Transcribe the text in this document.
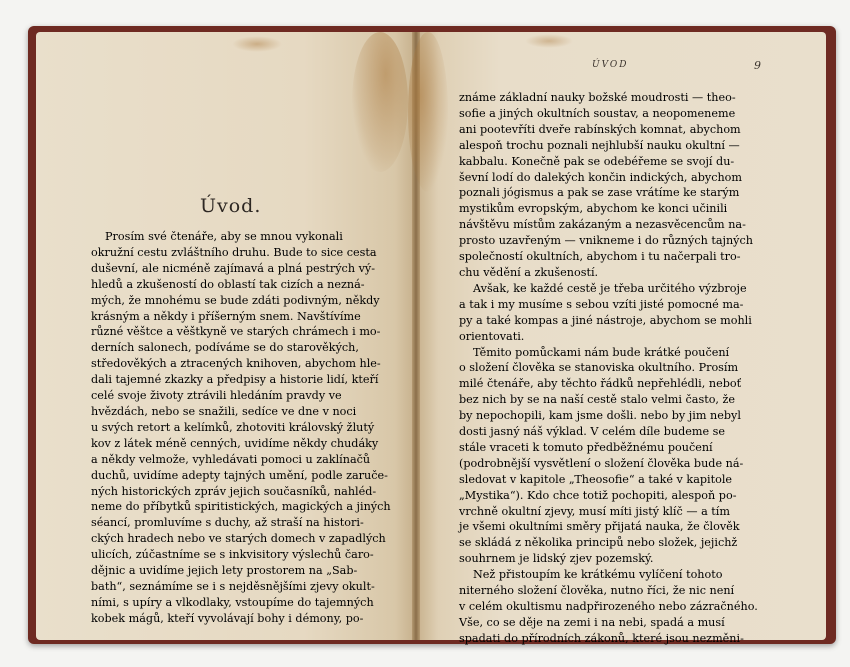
Úvod.
ÚVOD	9
Prosím své čtenáře, aby se mnou vykonali
okružní cestu zvláštního druhu. Bude to sice cesta
duševní, ale nicméně zajímavá a plná pestrých vý-
hledů a zkušeností do oblastí tak cizích a nezná-
mých, že mnohému se bude zdáti podivným, někdy
krásným a někdy i příšerným snem. Navštívíme
různé věštce a věštkyně ve starých chrámech i mo-
derních salonech, podíváme se do starověkých,
středověkých a ztracených knihoven, abychom hle-
dali tajemné zkazky a předpisy a historie lidí, kteří
celé svoje životy ztrávili hledáním pravdy ve
hvězdách, nebo se snažili, sedíce ve dne v noci
u svých retort a kelímků, zhotoviti královský žlutý
kov z látek méně cenných, uvidíme někdy chudáky
a někdy velmože, vyhledávati pomoci u zaklínačů
duchů, uvidíme adepty tajných umění, podle zaruče-
ných historických zpráv jejich současníků, nahléd-
neme do příbytků spiritistických, magických a jiných
séancí, promluvíme s duchy, až straší na histori-
ckých hradech nebo ve starých domech v zapadlých
ulicích, zúčastníme se s inkvisitory výslechů čaro-
dějnic a uvidíme jejich lety prostorem na „Sab-
bath“, seznámíme se i s nejděsnějšími zjevy okult-
ními, s upíry a vlkodlaky, vstoupíme do tajemných
kobek mágů, kteří vyvolávají bohy i démony, po-
známe základní nauky božské moudrosti — theo-
sofie a jiných okultních soustav, a neopomeneme
ani pootevříti dveře rabínských komnat, abychom
alespoň trochu poznali nejhlubší nauku okultní —
kabbalu. Konečně pak se odebéřeme se svojí du-
ševní lodí do dalekých končin indických, abychom
poznali jógismus a pak se zase vrátíme ke starým
mystikům evropským, abychom ke konci učinili
návštěvu místům zakázaným a nezasvěcencům na-
prosto uzavřeným — vnikneme i do různých tajných
společností okultních, abychom i tu načerpali tro-
chu vědění a zkušeností.
Avšak, ke každé cestě je třeba určitého výzbroje
a tak i my musíme s sebou vzíti jisté pomocné ma-
py a také kompas a jiné nástroje, abychom se mohli
orientovati.
Těmito pomůckami nám bude krátké poučení
o složení člověka se stanoviska okultního. Prosím
milé čtenáře, aby těchto řádků nepřehlédli, neboť
bez nich by se na naší cestě stalo velmi často, že
by nepochopili, kam jsme došli. nebo by jim nebyl
dosti jasný náš výklad. V celém díle budeme se
stále vraceti k tomuto předběžnému poučení
(podrobnější vysvětlení o složení člověka bude ná-
sledovat v kapitole „Theosofie“ a také v kapitole
„Mystika“). Kdo chce totiž pochopiti, alespoň po-
vrchně okultní zjevy, musí míti jistý klíč — a tím
je všemi okultními směry přijatá nauka, že člověk
se skládá z několika principů nebo složek, jejichž
souhrnem je lidský zjev pozemský.
Než přistoupím ke krátkému vylíčení tohoto
niterného složení člověka, nutno říci, že nic není
v celém okultismu nadpřirozeného nebo zázračného.
Vše, co se děje na zemi i na nebi, spadá a musí
spadati do přírodních zákonů, které jsou nezměni-
